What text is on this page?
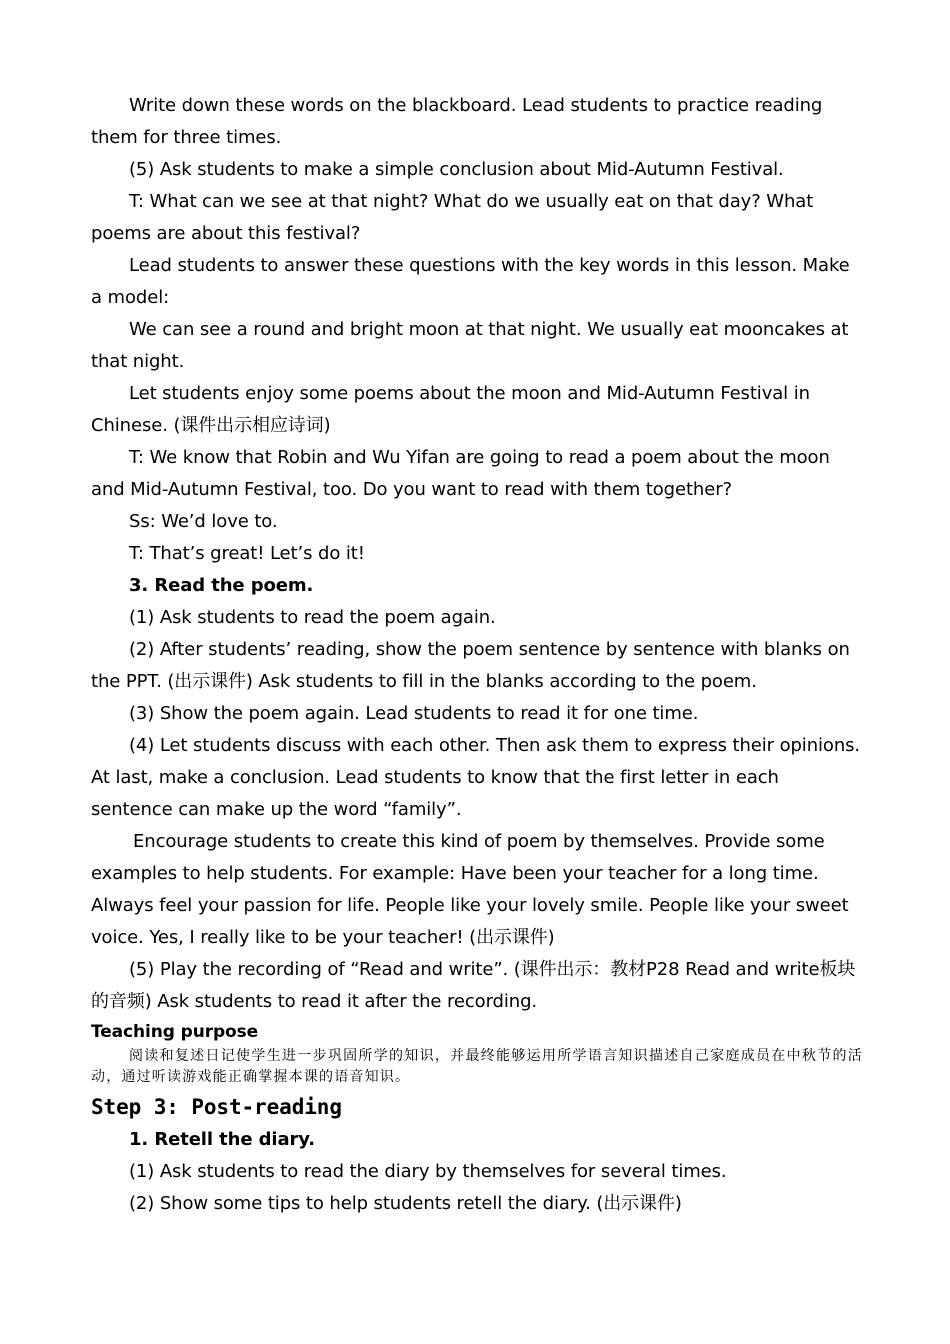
Write down these words on the blackboard. Lead students to practice reading them for three times.

(5) Ask students to make a simple conclusion about Mid-Autumn Festival.

T: What can we see at that night? What do we usually eat on that day? What poems are about this festival?

Lead students to answer these questions with the key words in this lesson. Make a model:

We can see a round and bright moon at that night. We usually eat mooncakes at that night.

Let students enjoy some poems about the moon and Mid-Autumn Festival in Chinese. (课件出示相应诗词)

T: We know that Robin and Wu Yifan are going to read a poem about the moon and Mid-Autumn Festival, too. Do you want to read with them together?

Ss: We’d love to.

T: That’s great! Let’s do it!

3. Read the poem.

(1) Ask students to read the poem again.

(2) After students’ reading, show the poem sentence by sentence with blanks on the PPT. (出示课件) Ask students to fill in the blanks according to the poem.

(3) Show the poem again. Lead students to read it for one time.

(4) Let students discuss with each other. Then ask them to express their opinions. At last, make a conclusion. Lead students to know that the first letter in each sentence can make up the word “family”.

Encourage students to create this kind of poem by themselves. Provide some examples to help students. For example: Have been your teacher for a long time. Always feel your passion for life. People like your lovely smile. People like your sweet voice. Yes, I really like to be your teacher! (出示课件)

(5) Play the recording of “Read and write”. (课件出示：教材P28 Read and write板块的音频) Ask students to read it after the recording.

Teaching purpose

阅读和复述日记使学生进一步巩固所学的知识，并最终能够运用所学语言知识描述自己家庭成员在中秋节的活动，通过听读游戏能正确掌握本课的语音知识。

Step 3: Post-reading

1. Retell the diary.

(1) Ask students to read the diary by themselves for several times.

(2) Show some tips to help students retell the diary. (出示课件)
